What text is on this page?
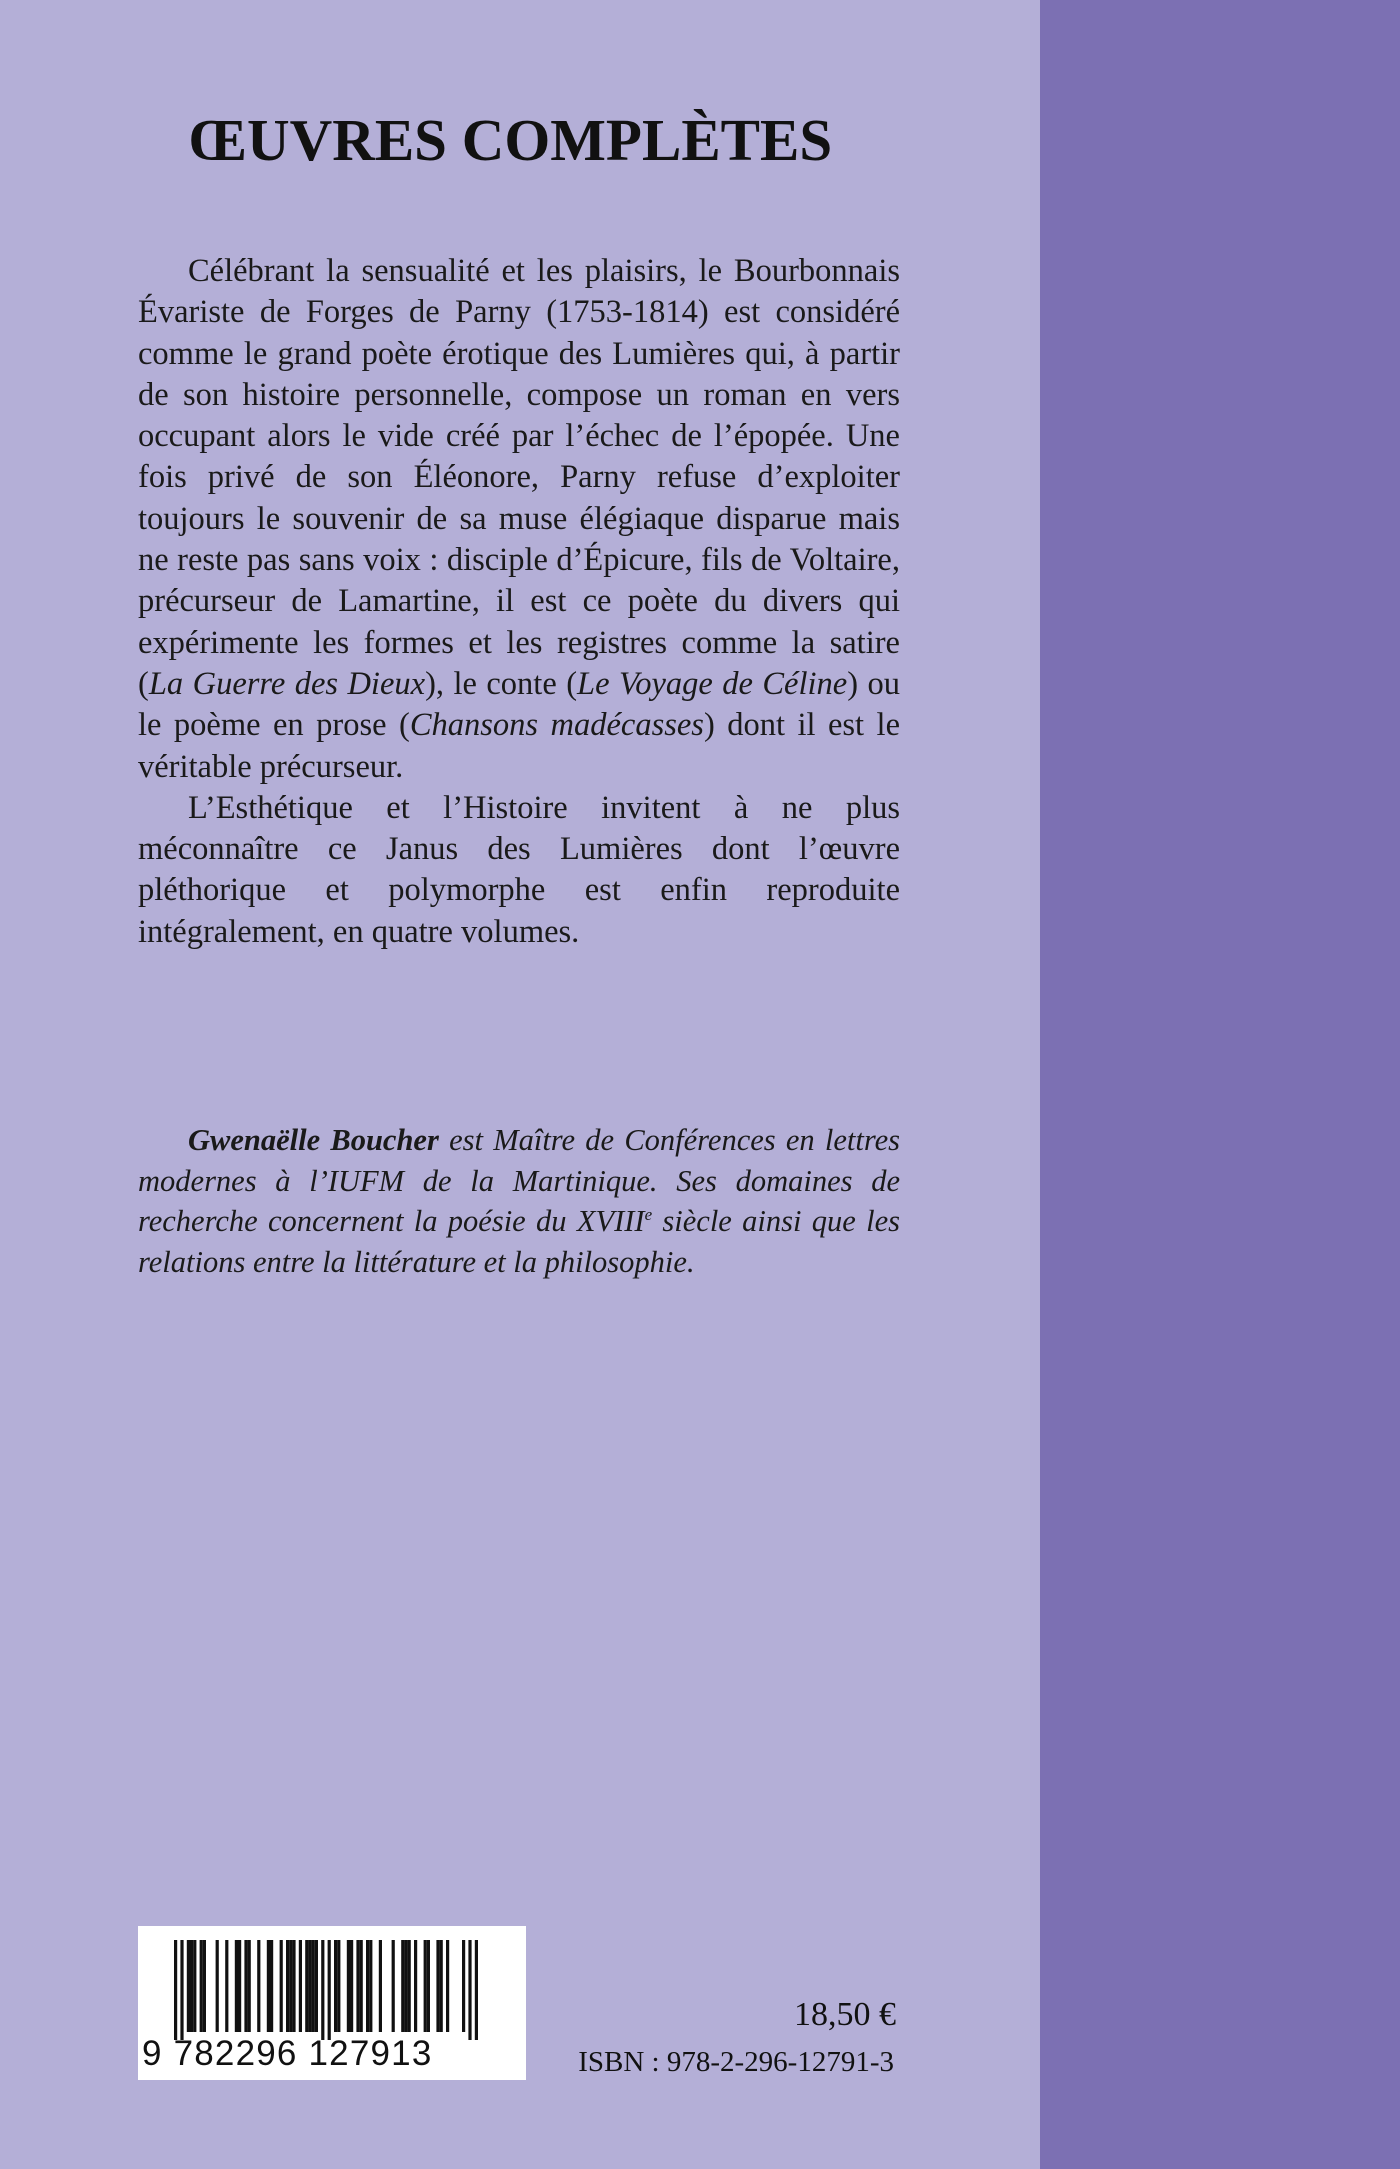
ŒUVRES COMPLÈTES

Célébrant la sensualité et les plaisirs, le Bourbonnais Évariste de Forges de Parny (1753-1814) est considéré comme le grand poète érotique des Lumières qui, à partir de son histoire personnelle, compose un roman en vers occupant alors le vide créé par l’échec de l’épopée. Une fois privé de son Éléonore, Parny refuse d’exploiter toujours le souvenir de sa muse élégiaque disparue mais ne reste pas sans voix : disciple d’Épicure, fils de Voltaire, précurseur de Lamartine, il est ce poète du divers qui expérimente les formes et les registres comme la satire (La Guerre des Dieux), le conte (Le Voyage de Céline) ou le poème en prose (Chansons madécasses) dont il est le véritable précurseur.

L’Esthétique et l’Histoire invitent à ne plus méconnaître ce Janus des Lumières dont l’œuvre pléthorique et polymorphe est enfin reproduite intégralement, en quatre volumes.

Gwenaëlle Boucher est Maître de Conférences en lettres modernes à l’IUFM de la Martinique. Ses domaines de recherche concernent la poésie du XVIIIe siècle ainsi que les relations entre la littérature et la philosophie.

9 782296 127913
18,50 €
ISBN : 978-2-296-12791-3
